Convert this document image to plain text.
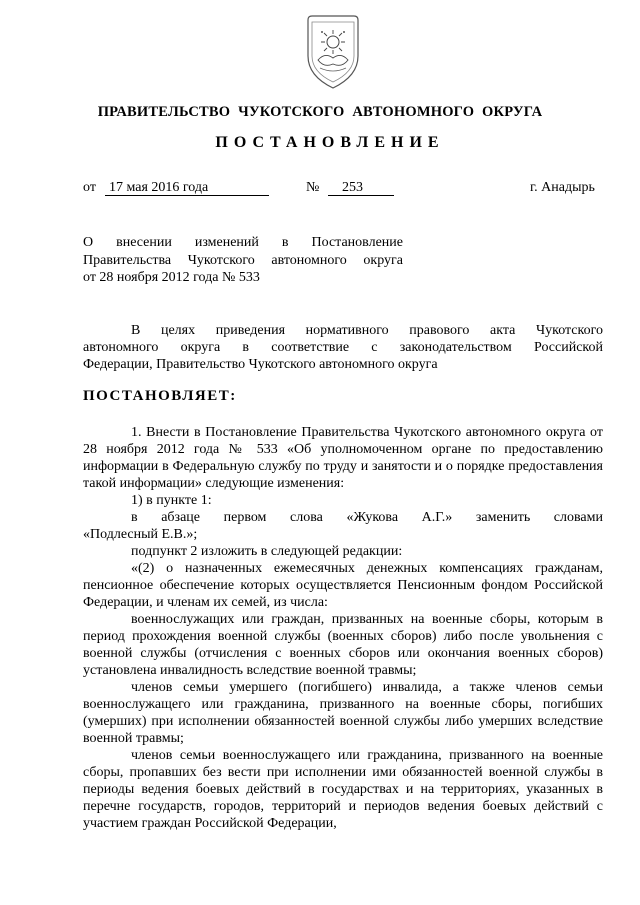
ПРАВИТЕЛЬСТВО ЧУКОТСКОГО АВТОНОМНОГО ОКРУГА
ПОСТАНОВЛЕНИЕ
от 17 мая 2016 года	№	253	г. Анадырь
О внесении изменений в Постановление
Правительства Чукотского автономного округа
от 28 ноября 2012 года № 533
В целях приведения нормативного правового акта Чукотского
автономного округа в соответствие с законодательством Российской
Федерации, Правительство Чукотского автономного округа
ПОСТАНОВЛЯЕТ:
1. Внести в Постановление Правительства Чукотского автономного округа от 28 ноября 2012 года № 533 «Об уполномоченном органе по предоставлению информации в Федеральную службу по труду и занятости и о порядке предоставления такой информации» следующие изменения:
1) в пункте 1:
в абзаце первом слова «Жукова А.Г.» заменить словами
«Подлесный Е.В.»;
подпункт 2 изложить в следующей редакции:
«(2) о назначенных ежемесячных денежных компенсациях гражданам, пенсионное обеспечение которых осуществляется Пенсионным фондом Российской Федерации, и членам их семей, из числа:
военнослужащих или граждан, призванных на военные сборы, которым в период прохождения военной службы (военных сборов) либо после увольнения с военной службы (отчисления с военных сборов или окончания военных сборов) установлена инвалидность вследствие военной травмы;
членов семьи умершего (погибшего) инвалида, а также членов семьи военнослужащего или гражданина, призванного на военные сборы, погибших (умерших) при исполнении обязанностей военной службы либо умерших вследствие военной травмы;
членов семьи военнослужащего или гражданина, призванного на военные сборы, пропавших без вести при исполнении ими обязанностей военной службы в периоды ведения боевых действий в государствах и на территориях, указанных в перечне государств, городов, территорий и периодов ведения боевых действий с участием граждан Российской Федерации,
